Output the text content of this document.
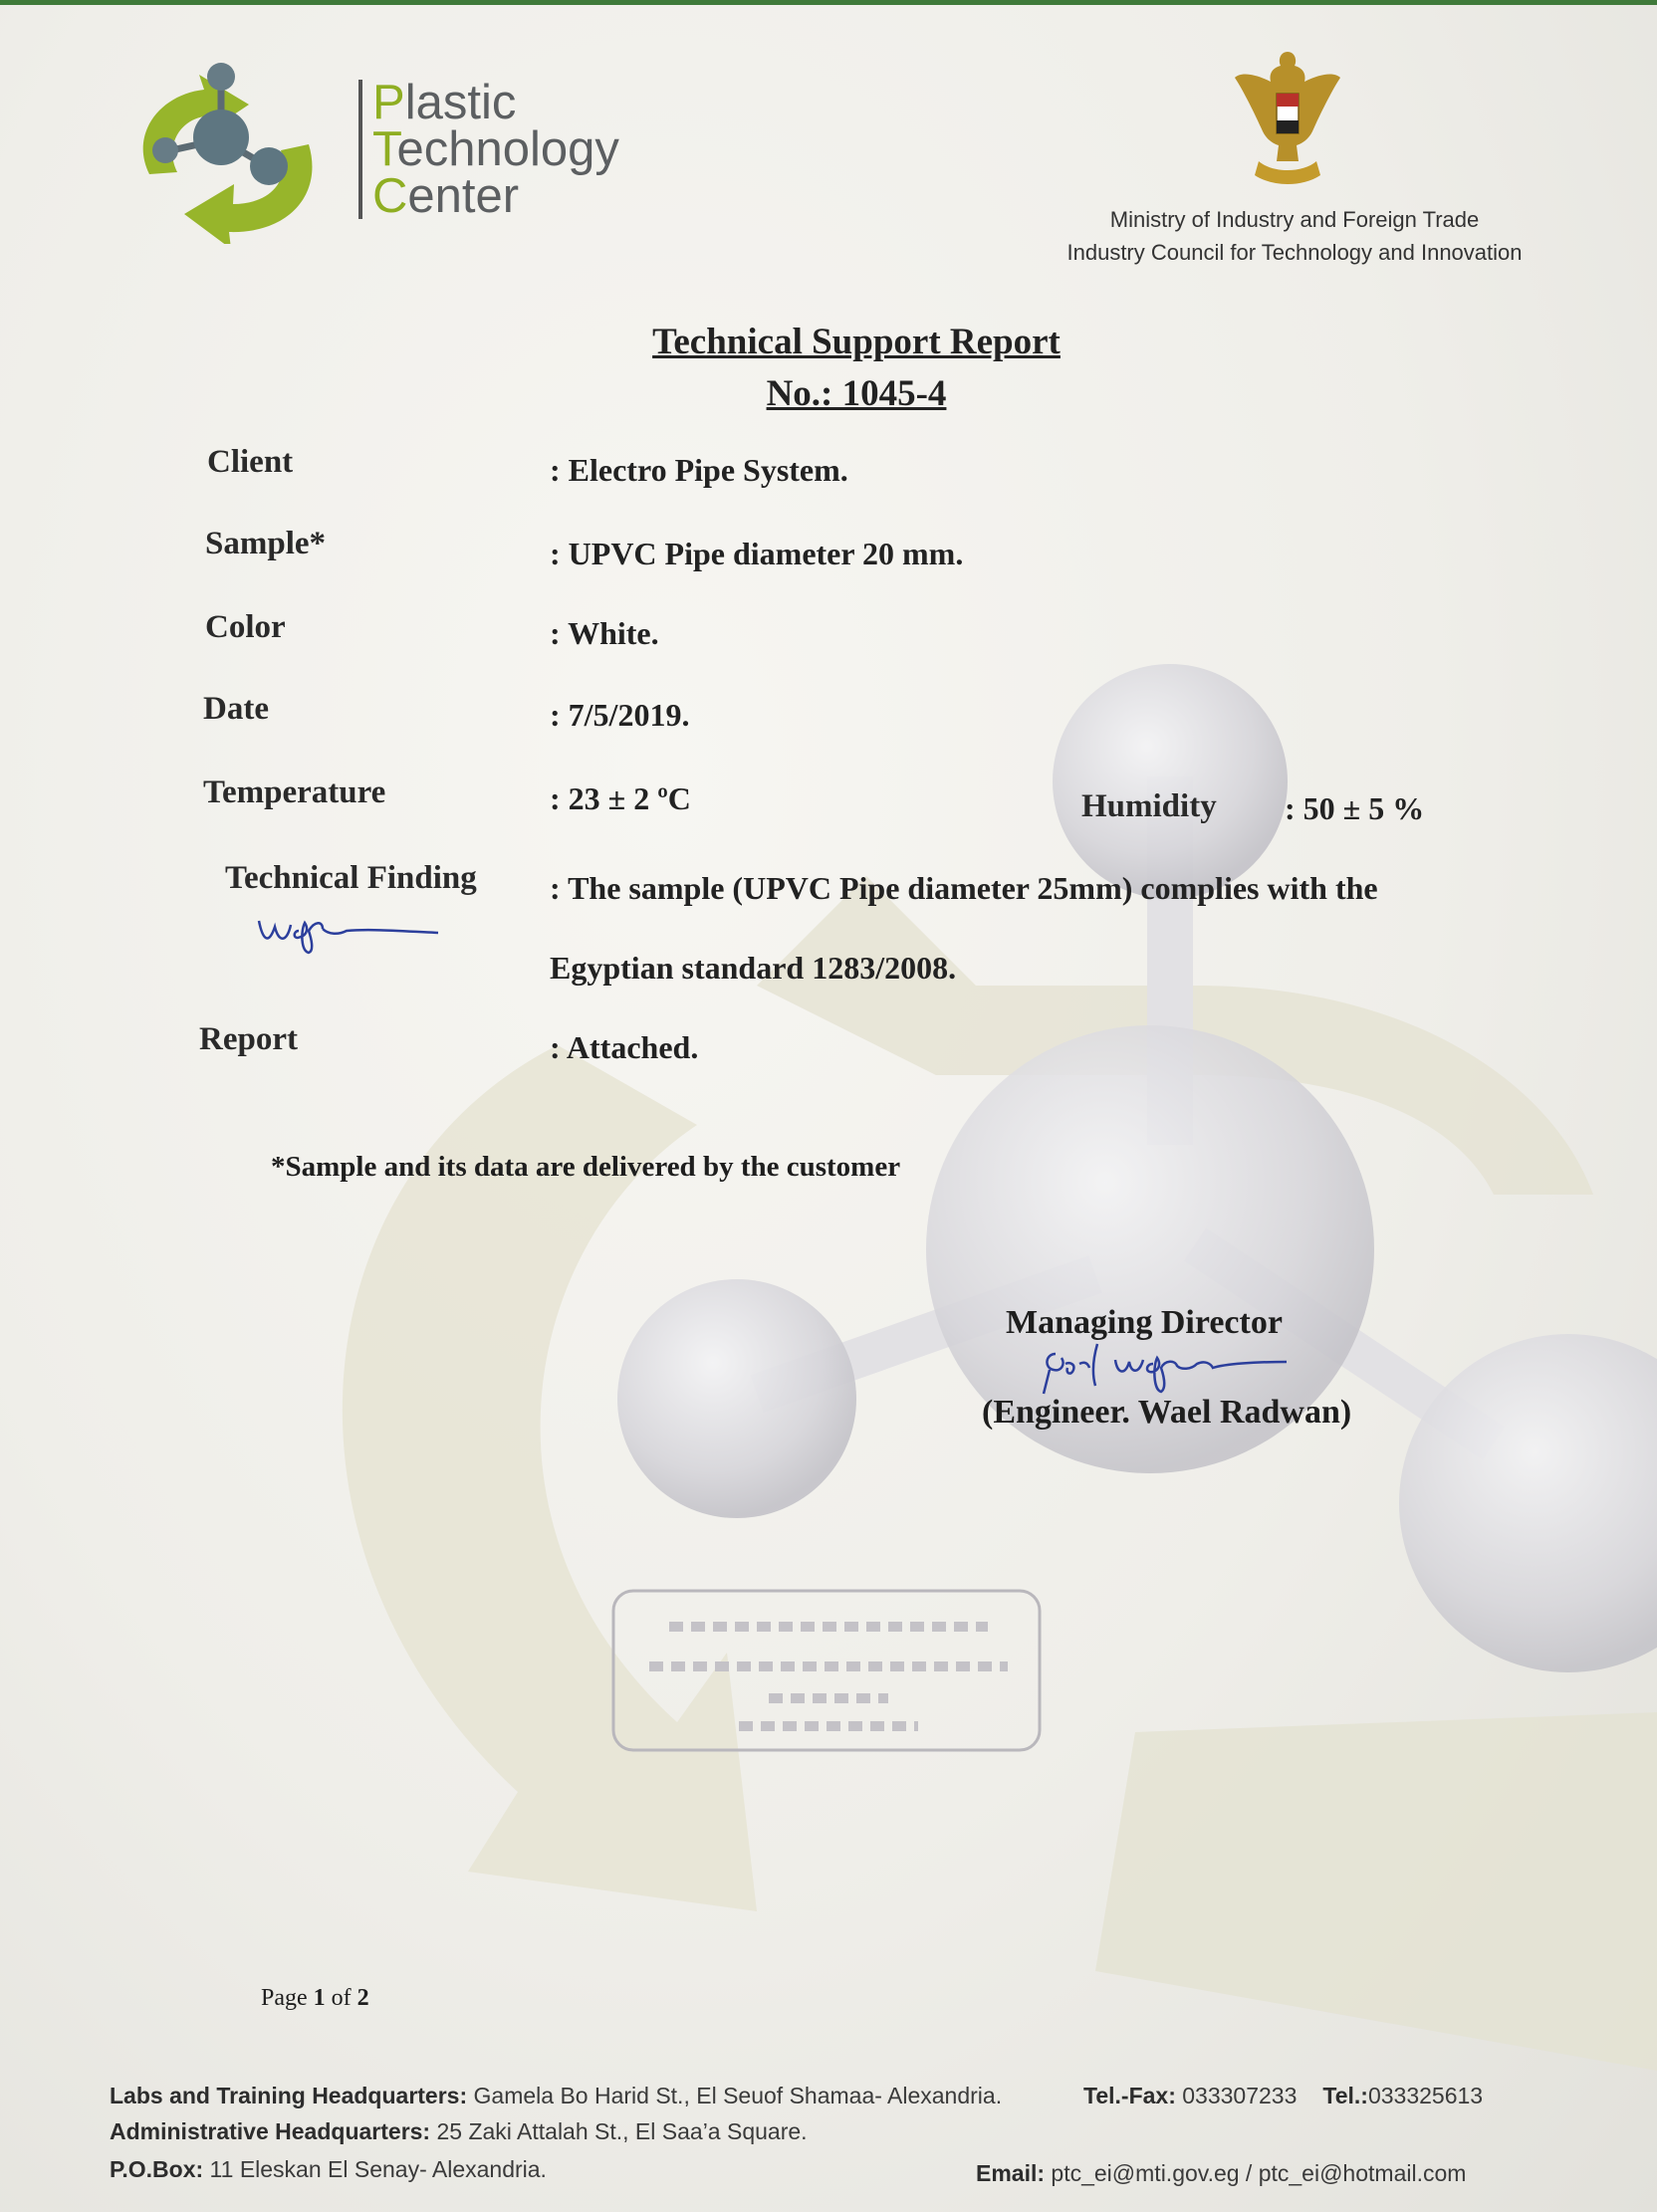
Plastic
Technology
Center	Ministry of Industry and Foreign Trade
Industry Council for Technology and Innovation
Technical Support Report
No.: 1045-4
Client	: Electro Pipe System.
Sample*	: UPVC Pipe diameter 20 mm.
Color	: White.
Date	: 7/5/2019.
Temperature	: 23 ± 2 ºC	Humidity : 50 ± 5 %
Technical Finding : The sample (UPVC Pipe diameter 25mm) complies with the
Egyptian standard 1283/2008.
Report	: Attached.
*Sample and its data are delivered by the customer
Managing Director
(Engineer. Wael Radwan)
Page 1 of 2
Labs and Training Headquarters: Gamela Bo Harid St., El Seuof Shamaa- Alexandria.	Tel.-Fax: 033307233 Tel.:033325613
Administrative Headquarters: 25 Zaki Attalah St., El Saa’a Square.
P.O.Box: 11 Eleskan El Senay- Alexandria.	Email: ptc_ei@mti.gov.eg / ptc_ei@hotmail.com
